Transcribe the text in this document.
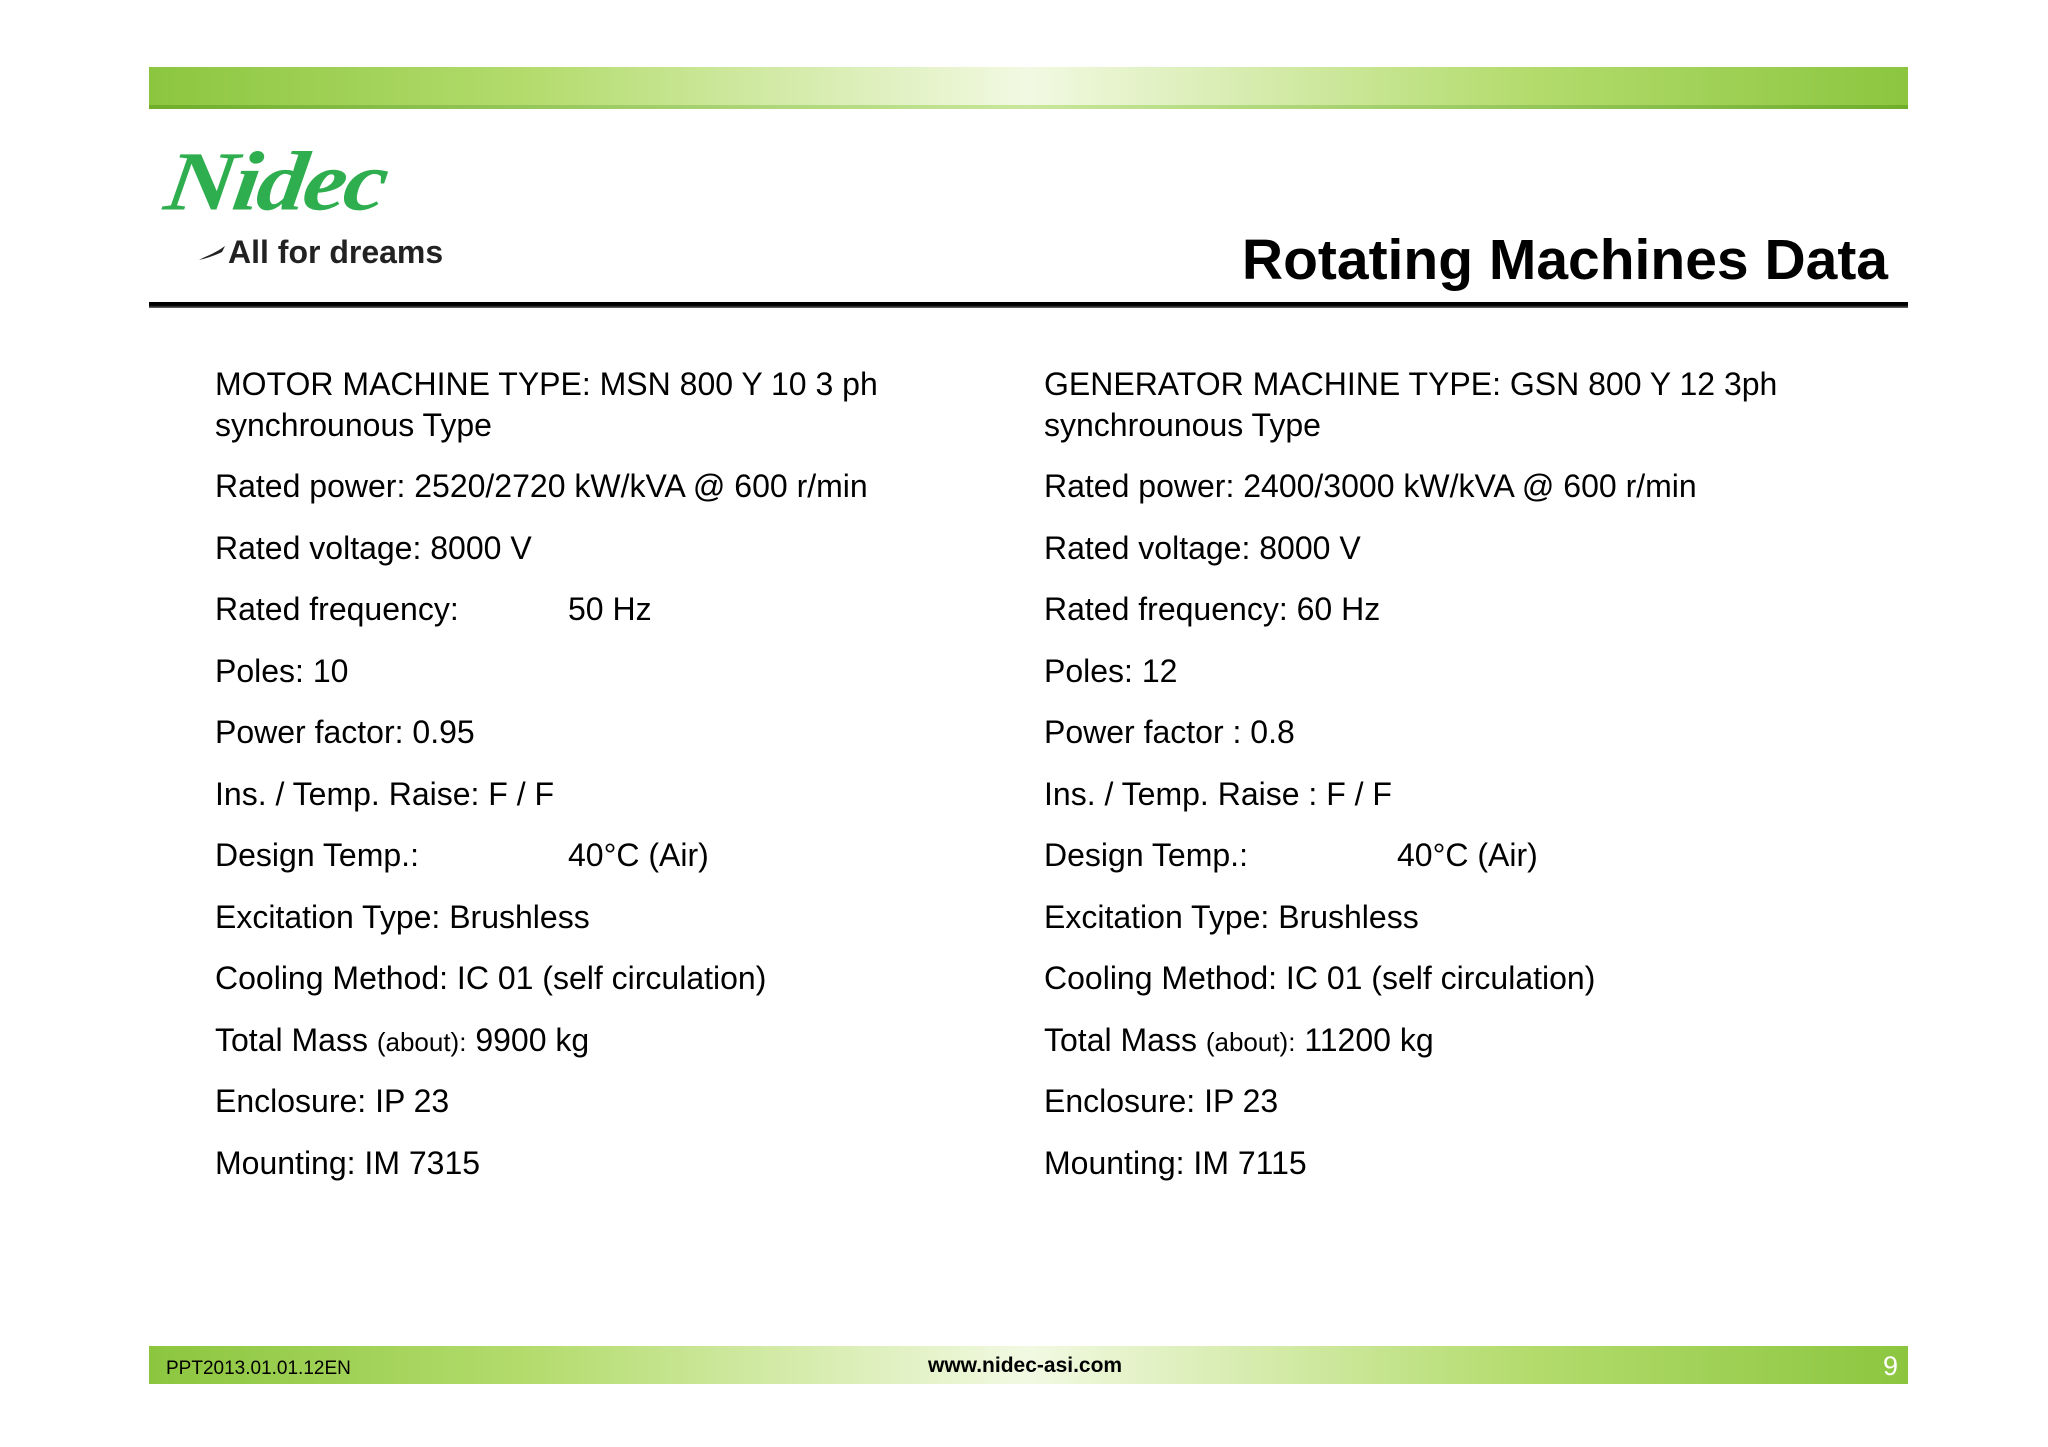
Nidec
All for dreams	Rotating Machines Data
MOTOR MACHINE TYPE: MSN 800 Y 10 3 ph synchrounous Type
Rated power: 2520/2720 kW/kVA @ 600 r/min
Rated voltage: 8000 V
Rated frequency:	50 Hz
Poles: 10
Power factor: 0.95
Ins. / Temp. Raise: F / F
Design Temp.:	40°C (Air)
Excitation Type: Brushless
Cooling Method: IC 01 (self circulation)
Total Mass (about): 9900 kg
Enclosure: IP 23
Mounting: IM 7315
GENERATOR MACHINE TYPE: GSN 800 Y 12 3ph synchrounous Type
Rated power: 2400/3000 kW/kVA @ 600 r/min
Rated voltage: 8000 V
Rated frequency: 60 Hz
Poles: 12
Power factor : 0.8
Ins. / Temp. Raise : F / F
Design Temp.:	40°C (Air)
Excitation Type: Brushless
Cooling Method: IC 01 (self circulation)
Total Mass (about): 11200 kg
Enclosure: IP 23
Mounting: IM 7115
PPT2013.01.01.12EN	www.nidec-asi.com	9
